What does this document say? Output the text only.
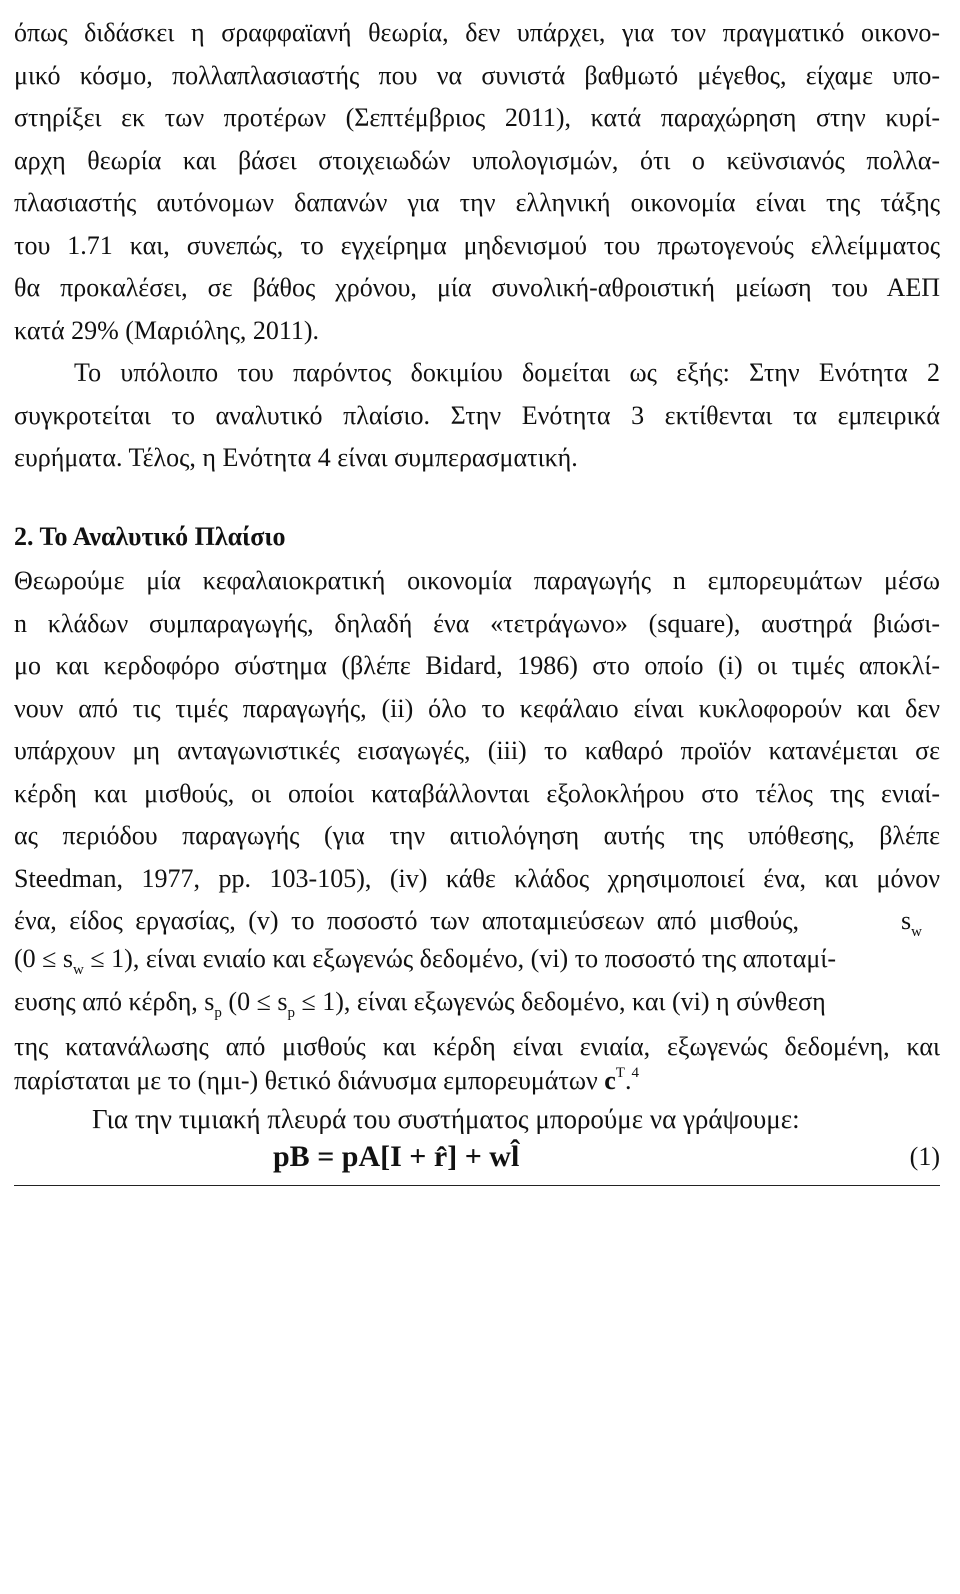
όπως διδάσκει η σραφφαϊανή θεωρία, δεν υπάρχει, για τον πραγματικό οικονο-
μικό κόσμο, πολλαπλασιαστής που να συνιστά βαθμωτό μέγεθος, είχαμε υπο-
στηρίξει εκ των προτέρων (Σεπτέμβριος 2011), κατά παραχώρηση στην κυρί-
αρχη θεωρία και βάσει στοιχειωδών υπολογισμών, ότι ο κεϋνσιανός πολλα-
πλασιαστής αυτόνομων δαπανών για την ελληνική οικονομία είναι της τάξης
του 1.71 και, συνεπώς, το εγχείρημα μηδενισμού του πρωτογενούς ελλείμματος
θα προκαλέσει, σε βάθος χρόνου, μία συνολική-αθροιστική μείωση του ΑΕΠ
κατά 29% (Μαριόλης, 2011).
Το υπόλοιπο του παρόντος δοκιμίου δομείται ως εξής: Στην Ενότητα 2
συγκροτείται το αναλυτικό πλαίσιο. Στην Ενότητα 3 εκτίθενται τα εμπειρικά
ευρήματα. Τέλος, η Ενότητα 4 είναι συμπερασματική.
2. Το Αναλυτικό Πλαίσιο
Θεωρούμε μία κεφαλαιοκρατική οικονομία παραγωγής n εμπορευμάτων μέσω
n κλάδων συμπαραγωγής, δηλαδή ένα «τετράγωνο» (square), αυστηρά βιώσι-
μο και κερδοφόρο σύστημα (βλέπε Bidard, 1986) στο οποίο (i) οι τιμές αποκλί-
νουν από τις τιμές παραγωγής, (ii) όλο το κεφάλαιο είναι κυκλοφορούν και δεν
υπάρχουν μη ανταγωνιστικές εισαγωγές, (iii) το καθαρό προϊόν κατανέμεται σε
κέρδη και μισθούς, οι οποίοι καταβάλλονται εξολοκλήρου στο τέλος της ενιαί-
ας περιόδου παραγωγής (για την αιτιολόγηση αυτής της υπόθεσης, βλέπε
Steedman, 1977, pp. 103-105), (iv) κάθε κλάδος χρησιμοποιεί ένα, και μόνον
ένα, είδος εργασίας, (v) το ποσοστό των αποταμιεύσεων από μισθούς,	$s_w$
$(0 \le s_w \le 1)$, είναι ενιαίο και εξωγενώς δεδομένο, (vi) το ποσοστό της αποταμί-
ευσης από κέρδη, $s_p$ $(0 \le s_p \le 1)$, είναι εξωγενώς δεδομένο, και (vi) η σύνθεση
της κατανάλωσης από μισθούς και κέρδη είναι ενιαία, εξωγενώς δεδομένη, και
παρίσταται με το (ημι-) θετικό διάνυσμα εμπορευμάτων $c^T.^4$
Για την τιμιακή πλευρά του συστήματος μπορούμε να γράψουμε:
pB = pA[I + r̂] + wl̂	(1)
